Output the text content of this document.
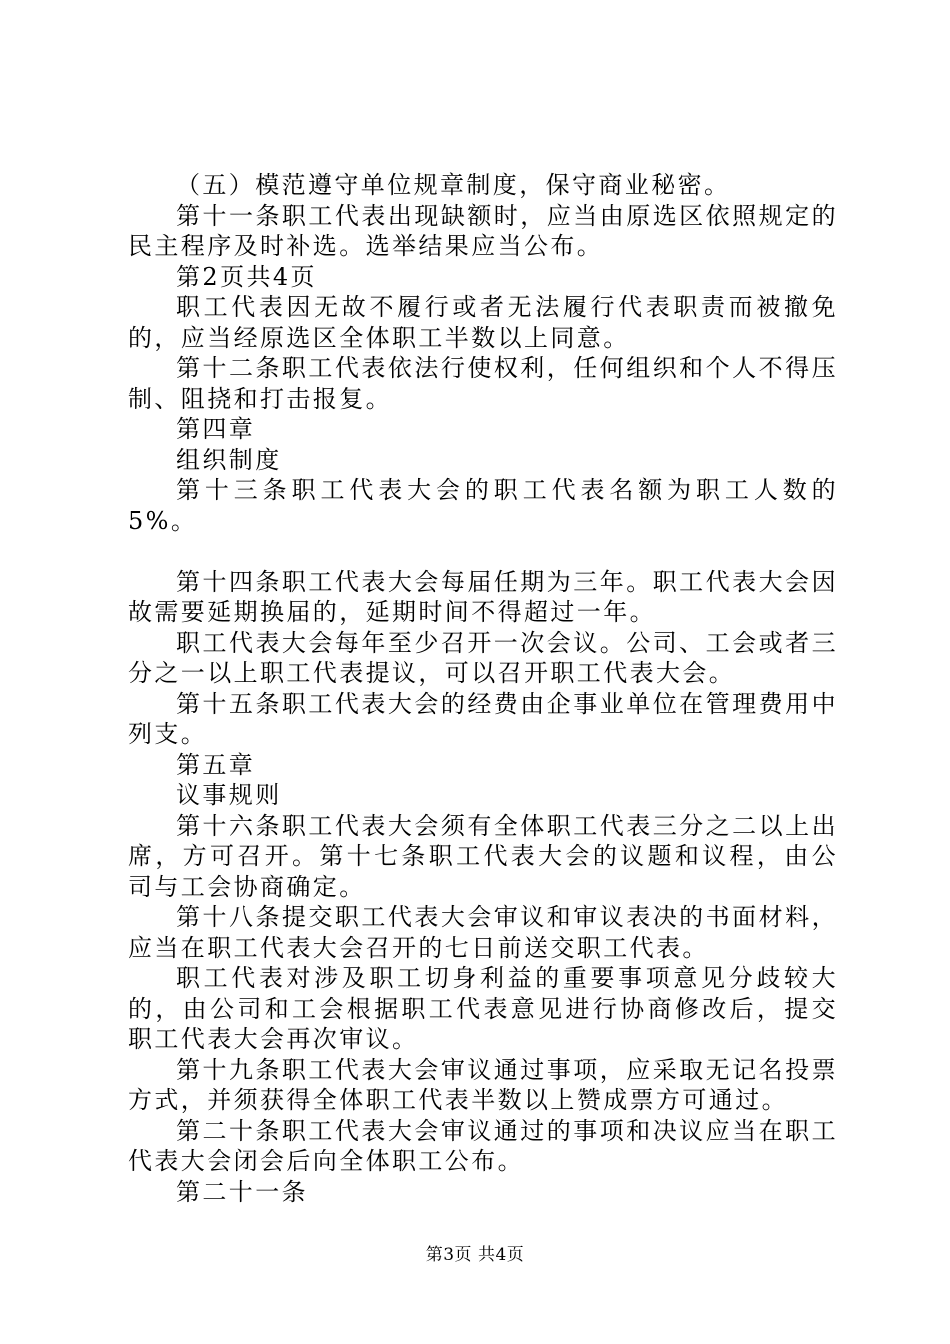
（五）模范遵守单位规章制度，保守商业秘密。

第十一条职工代表出现缺额时，应当由原选区依照规定的民主程序及时补选。选举结果应当公布。

第2页共4页

职工代表因无故不履行或者无法履行代表职责而被撤免的，应当经原选区全体职工半数以上同意。

第十二条职工代表依法行使权利，任何组织和个人不得压制、阻挠和打击报复。

第四章

组织制度

第十三条职工代表大会的职工代表名额为职工人数的5%。

第十四条职工代表大会每届任期为三年。职工代表大会因故需要延期换届的，延期时间不得超过一年。

职工代表大会每年至少召开一次会议。公司、工会或者三分之一以上职工代表提议，可以召开职工代表大会。

第十五条职工代表大会的经费由企事业单位在管理费用中列支。

第五章

议事规则

第十六条职工代表大会须有全体职工代表三分之二以上出席，方可召开。第十七条职工代表大会的议题和议程，由公司与工会协商确定。

第十八条提交职工代表大会审议和审议表决的书面材料，应当在职工代表大会召开的七日前送交职工代表。

职工代表对涉及职工切身利益的重要事项意见分歧较大的，由公司和工会根据职工代表意见进行协商修改后，提交职工代表大会再次审议。

第十九条职工代表大会审议通过事项，应采取无记名投票方式，并须获得全体职工代表半数以上赞成票方可通过。

第二十条职工代表大会审议通过的事项和决议应当在职工代表大会闭会后向全体职工公布。

第二十一条

第3页 共4页
